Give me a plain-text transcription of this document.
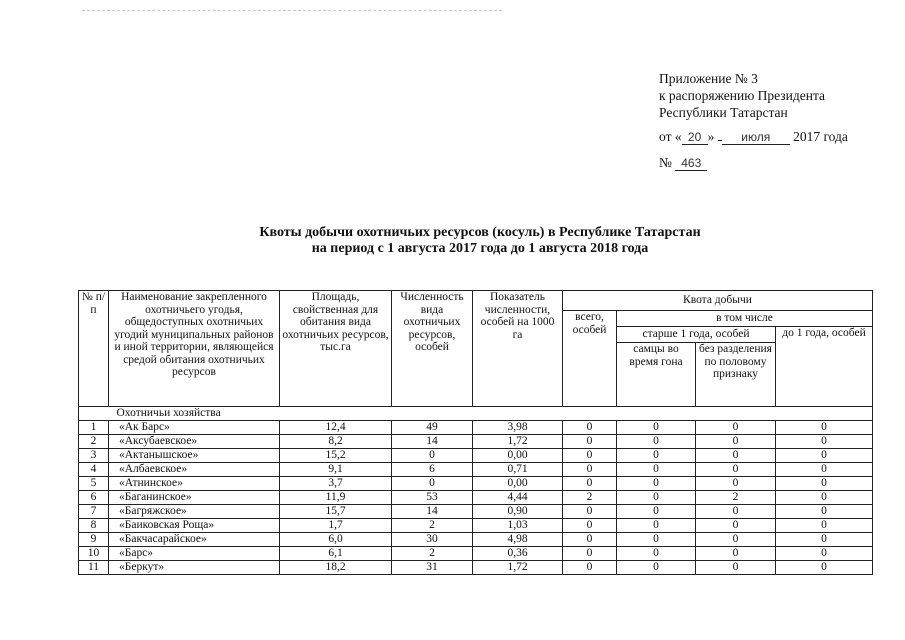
Приложение № 3
к распоряжению Президента
Республики Татарстан
от « 20 » июля 2017 года
№ 463
Квоты добычи охотничьих ресурсов (косуль) в Республике Татарстан
на период с 1 августа 2017 года до 1 августа 2018 года
№ п/п	Наименование закрепленного охотничьего угодья, общедоступных охотничьих угодий муниципальных районов и иной территории, являющейся средой обитания охотничьих ресурсов	Площадь, свойственная для обитания вида охотничьих ресурсов, тыс.га	Численность вида охотничьих ресурсов, особей	Показатель численности, особей на 1000 га	Квота добычи			
					всего, особей	в том числе		
						старше 1 года, особей		до 1 года, особей
						самцы во время гона	без разделения по половому признаку	
	Охотничьи хозяйства							
1	«Ак Барс»	12,4	49	3,98	0	0	0	0
2	«Аксубаевское»	8,2	14	1,72	0	0	0	0
3	«Актанышское»	15,2	0	0,00	0	0	0	0
4	«Албаевское»	9,1	6	0,71	0	0	0	0
5	«Атнинское»	3,7	0	0,00	0	0	0	0
6	«Баганинское»	11,9	53	4,44	2	0	2	0
7	«Багряжское»	15,7	14	0,90	0	0	0	0
8	«Баиковская Роща»	1,7	2	1,03	0	0	0	0
9	«Бакчасарайское»	6,0	30	4,98	0	0	0	0
10	«Барс»	6,1	2	0,36	0	0	0	0
11	«Беркут»	18,2	31	1,72	0	0	0	0
